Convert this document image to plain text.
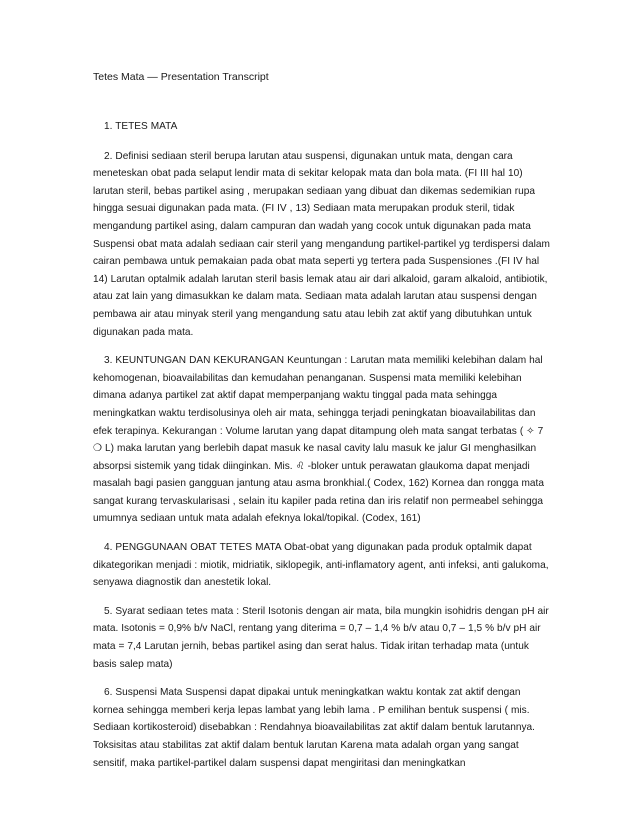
Tetes Mata — Presentation Transcript

1. TETES MATA

2. Definisi sediaan steril berupa larutan atau suspensi, digunakan untuk mata, dengan cara meneteskan obat pada selaput lendir mata di sekitar kelopak mata dan bola mata. (FI III hal 10) larutan steril, bebas partikel asing , merupakan sediaan yang dibuat dan dikemas sedemikian rupa hingga sesuai digunakan pada mata. (FI IV , 13) Sediaan mata merupakan produk steril, tidak mengandung partikel asing, dalam campuran dan wadah yang cocok untuk digunakan pada mata Suspensi obat mata adalah sediaan cair steril yang mengandung partikel-partikel yg terdispersi dalam cairan pembawa untuk pemakaian pada obat mata seperti yg tertera pada Suspensiones .(FI IV hal 14) Larutan optalmik adalah larutan steril basis lemak atau air dari alkaloid, garam alkaloid, antibiotik, atau zat lain yang dimasukkan ke dalam mata. Sediaan mata adalah larutan atau suspensi dengan pembawa air atau minyak steril yang mengandung satu atau lebih zat aktif yang dibutuhkan untuk digunakan pada mata.

3. KEUNTUNGAN DAN KEKURANGAN Keuntungan : Larutan mata memiliki kelebihan dalam hal kehomogenan, bioavailabilitas dan kemudahan penanganan. Suspensi mata memiliki kelebihan dimana adanya partikel zat aktif dapat memperpanjang waktu tinggal pada mata sehingga meningkatkan waktu terdisolusinya oleh air mata, sehingga terjadi peningkatan bioavailabilitas dan efek terapinya. Kekurangan : Volume larutan yang dapat ditampung oleh mata sangat terbatas ( ✧ 7 ❍ L) maka larutan yang berlebih dapat masuk ke nasal cavity lalu masuk ke jalur GI menghasilkan absorpsi sistemik yang tidak diinginkan. Mis. ♌ -bloker untuk perawatan glaukoma dapat menjadi masalah bagi pasien gangguan jantung atau asma bronkhial.( Codex, 162) Kornea dan rongga mata sangat kurang tervaskularisasi , selain itu kapiler pada retina dan iris relatif non permeabel sehingga umumnya sediaan untuk mata adalah efeknya lokal/topikal. (Codex, 161)

4. PENGGUNAAN OBAT TETES MATA Obat-obat yang digunakan pada produk optalmik dapat dikategorikan menjadi : miotik, midriatik, siklopegik, anti-inflamatory agent, anti infeksi, anti galukoma, senyawa diagnostik dan anestetik lokal.

5. Syarat sediaan tetes mata : Steril Isotonis dengan air mata, bila mungkin isohidris dengan pH air mata. Isotonis = 0,9% b/v NaCl, rentang yang diterima = 0,7 – 1,4 % b/v atau 0,7 – 1,5 % b/v pH air mata = 7,4 Larutan jernih, bebas partikel asing dan serat halus. Tidak iritan terhadap mata (untuk basis salep mata)

6. Suspensi Mata Suspensi dapat dipakai untuk meningkatkan waktu kontak zat aktif dengan kornea sehingga memberi kerja lepas lambat yang lebih lama . P emilihan bentuk suspensi ( mis. Sediaan kortikosteroid) disebabkan : Rendahnya bioavailabilitas zat aktif dalam bentuk larutannya. Toksisitas atau stabilitas zat aktif dalam bentuk larutan Karena mata adalah organ yang sangat sensitif, maka partikel-partikel dalam suspensi dapat mengiritasi dan meningkatkan
